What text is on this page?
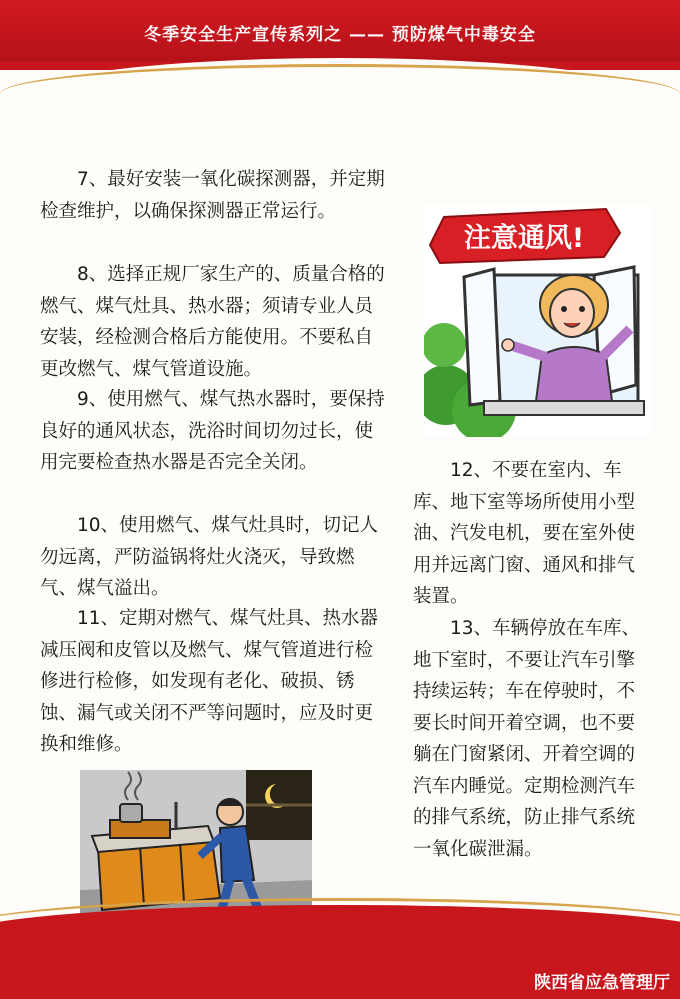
冬季安全生产宣传系列之 —— 预防煤气中毒安全

7、最好安装一氧化碳探测器，并定期检查维护，以确保探测器正常运行。

8、选择正规厂家生产的、质量合格的燃气、煤气灶具、热水器；须请专业人员安装，经检测合格后方能使用。不要私自更改燃气、煤气管道设施。

9、使用燃气、煤气热水器时，要保持良好的通风状态，洗浴时间切勿过长，使用完要检查热水器是否完全关闭。

10、使用燃气、煤气灶具时，切记人勿远离，严防溢锅将灶火浇灭，导致燃气、煤气溢出。

11、定期对燃气、煤气灶具、热水器减压阀和皮管以及燃气、煤气管道进行检修进行检修，如发现有老化、破损、锈蚀、漏气或关闭不严等问题时，应及时更换和维修。

注意通风!

12、不要在室内、车库、地下室等场所使用小型油、汽发电机，要在室外使用并远离门窗、通风和排气装置。

13、车辆停放在车库、地下室时，不要让汽车引擎持续运转；车在停驶时，不要长时间开着空调，也不要躺在门窗紧闭、开着空调的汽车内睡觉。定期检测汽车的排气系统，防止排气系统一氧化碳泄漏。

陕西省应急管理厅
